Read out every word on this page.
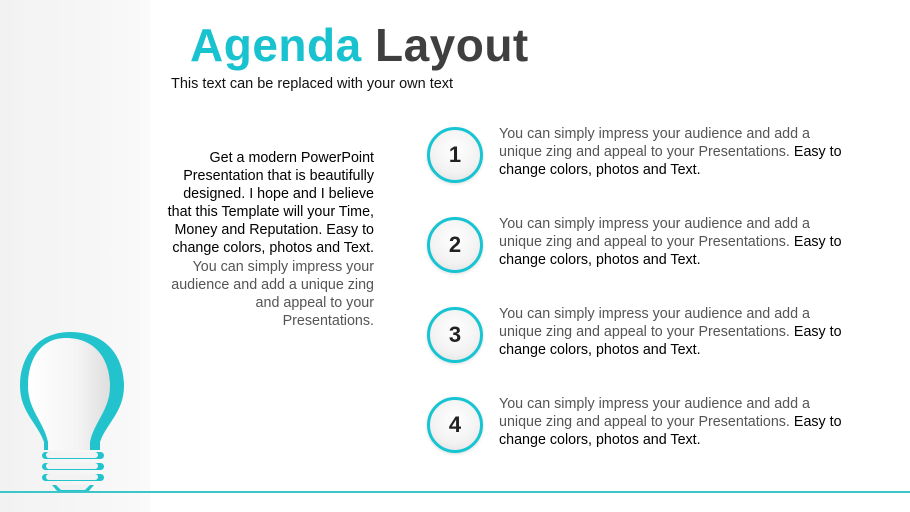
Agenda Layout
This text can be replaced with your own text
Get a modern PowerPoint Presentation that is beautifully designed. I hope and I believe that this Template will your Time, Money and Reputation. Easy to change colors, photos and Text. You can simply impress your audience and add a unique zing and appeal to your Presentations.
1
You can simply impress your audience and add a unique zing and appeal to your Presentations. Easy to change colors, photos and Text.
2
You can simply impress your audience and add a unique zing and appeal to your Presentations. Easy to change colors, photos and Text.
3
You can simply impress your audience and add a unique zing and appeal to your Presentations. Easy to change colors, photos and Text.
4
You can simply impress your audience and add a unique zing and appeal to your Presentations. Easy to change colors, photos and Text.
